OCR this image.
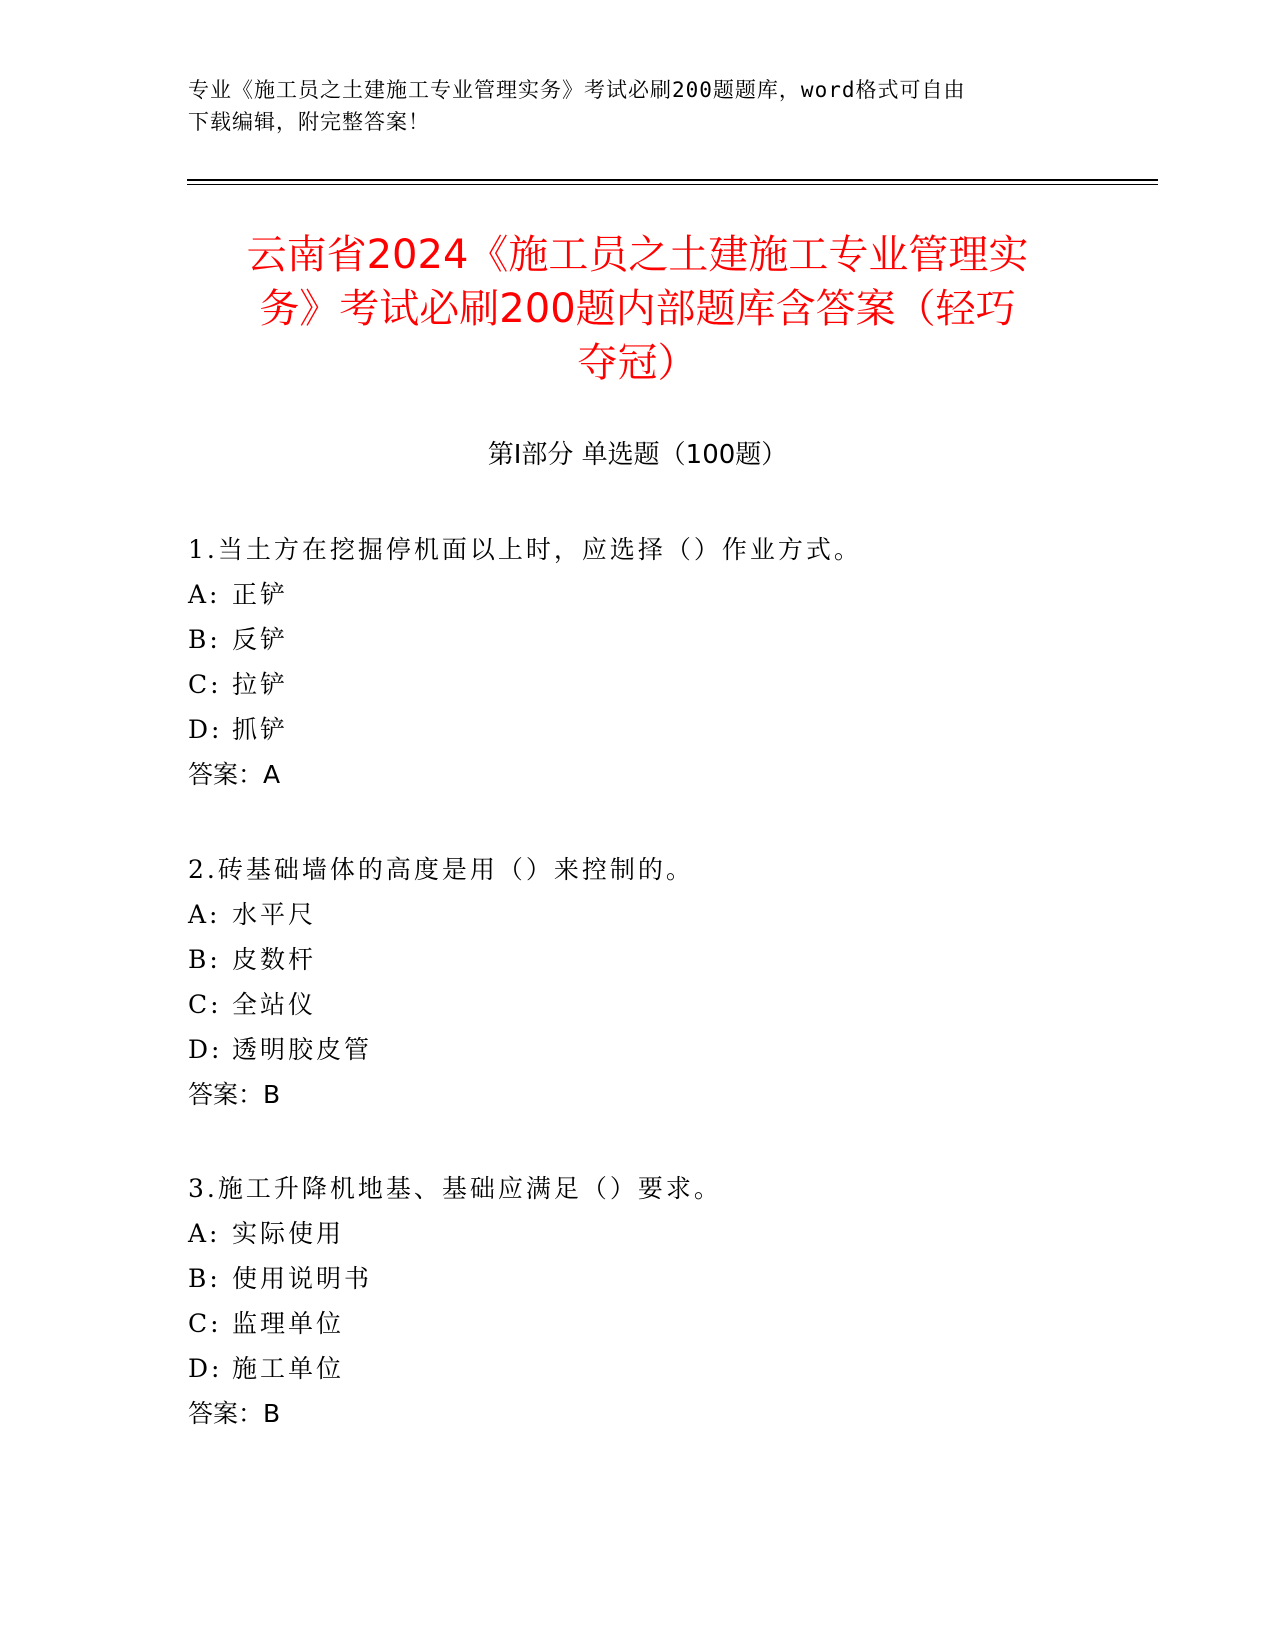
专业《施工员之土建施工专业管理实务》考试必刷200题题库，word格式可自由
下载编辑，附完整答案！
云南省2024《施工员之土建施工专业管理实
务》考试必刷200题内部题库含答案（轻巧
夺冠）
第Ⅰ部分 单选题（100题）
1.当土方在挖掘停机面以上时，应选择（）作业方式。
A: 正铲
B: 反铲
C: 拉铲
D: 抓铲
答案：A
2.砖基础墙体的高度是用（）来控制的。
A: 水平尺
B: 皮数杆
C: 全站仪
D: 透明胶皮管
答案：B
3.施工升降机地基、基础应满足（）要求。
A: 实际使用
B: 使用说明书
C: 监理单位
D: 施工单位
答案：B
